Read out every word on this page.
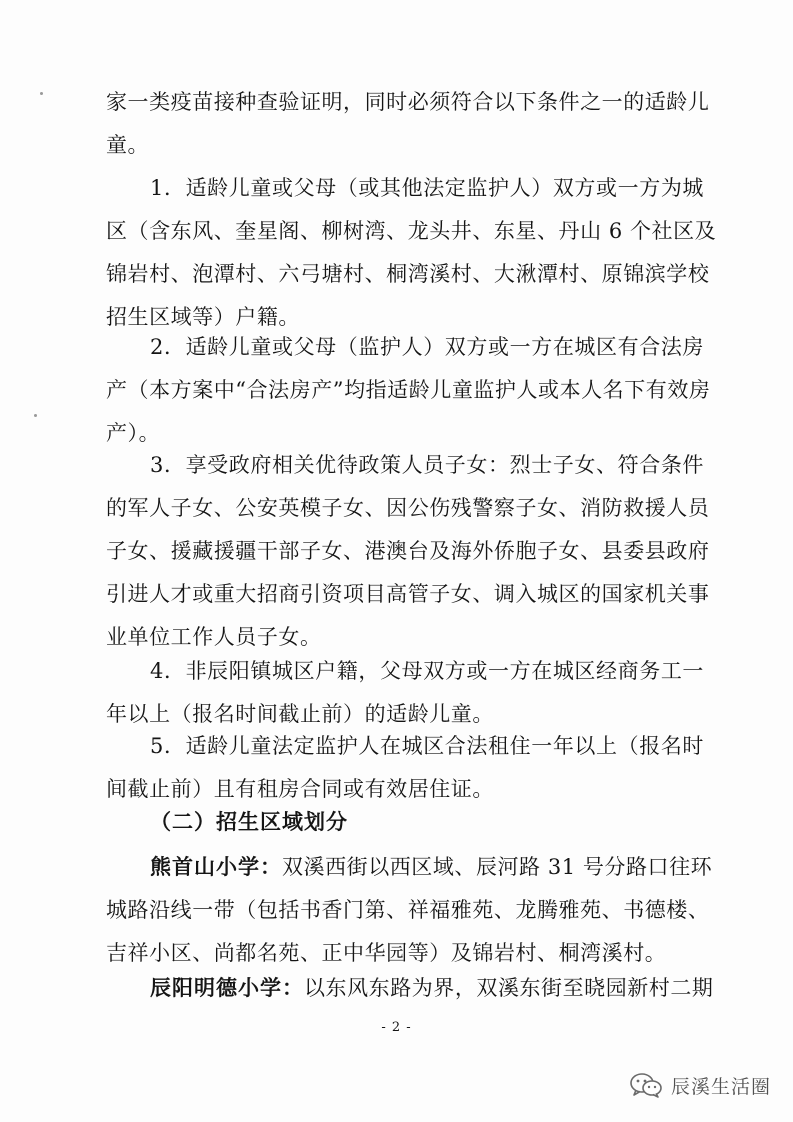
家一类疫苗接种查验证明，同时必须符合以下条件之一的适龄儿
童。
1．适龄儿童或父母（或其他法定监护人）双方或一方为城
区（含东风、奎星阁、柳树湾、龙头井、东星、丹山 6 个社区及
锦岩村、泡潭村、六弓塘村、桐湾溪村、大湫潭村、原锦滨学校
招生区域等）户籍。
2．适龄儿童或父母（监护人）双方或一方在城区有合法房
产（本方案中“合法房产”均指适龄儿童监护人或本人名下有效房
产）。
3．享受政府相关优待政策人员子女：烈士子女、符合条件
的军人子女、公安英模子女、因公伤残警察子女、消防救援人员
子女、援藏援疆干部子女、港澳台及海外侨胞子女、县委县政府
引进人才或重大招商引资项目高管子女、调入城区的国家机关事
业单位工作人员子女。
4．非辰阳镇城区户籍，父母双方或一方在城区经商务工一
年以上（报名时间截止前）的适龄儿童。
5．适龄儿童法定监护人在城区合法租住一年以上（报名时
间截止前）且有租房合同或有效居住证。
（二）招生区域划分
熊首山小学：双溪西街以西区域、辰河路 31 号分路口往环
城路沿线一带（包括书香门第、祥福雅苑、龙腾雅苑、书德楼、
吉祥小区、尚都名苑、正中华园等）及锦岩村、桐湾溪村。
辰阳明德小学：以东风东路为界，双溪东街至晓园新村二期
- 2 -
辰溪生活圈
